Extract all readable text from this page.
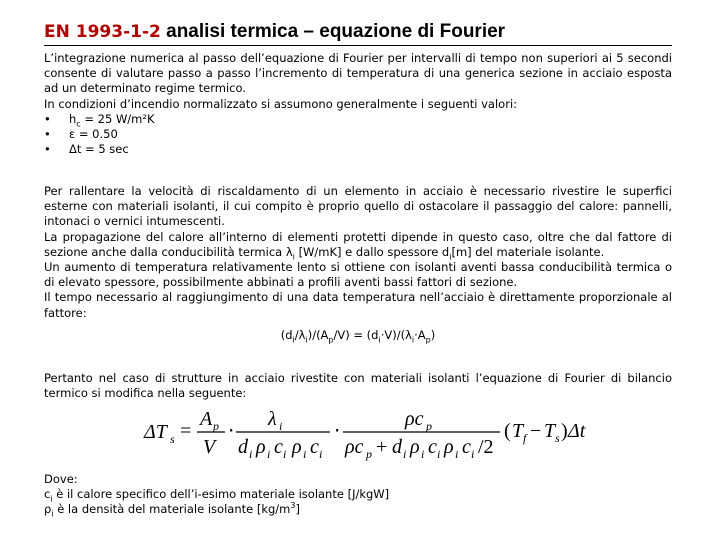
EN 1993-1-2 analisi termica – equazione di Fourier

L’integrazione numerica al passo dell’equazione di Fourier per intervalli di tempo non superiori ai 5 secondi consente di valutare passo a passo l’incremento di temperatura di una generica sezione in acciaio esposta ad un determinato regime termico.

In condizioni d’incendio normalizzato si assumono generalmente i seguenti valori:

• $h_c = 25$ W/m²K
• ε = 0.50
• Δt = 5 sec

Per rallentare la velocità di riscaldamento di un elemento in acciaio è necessario rivestire le superfici esterne con materiali isolanti, il cui compito è proprio quello di ostacolare il passaggio del calore: pannelli, intonaci o vernici intumescenti.

La propagazione del calore all’interno di elementi protetti dipende in questo caso, oltre che dal fattore di sezione anche dalla conducibilità termica $\lambda_i$ [W/mK] e dallo spessore $d_i[m]$ del materiale isolante.

Un aumento di temperatura relativamente lento si ottiene con isolanti aventi bassa conducibilità termica o di elevato spessore, possibilmente abbinati a profili aventi bassi fattori di sezione.

Il tempo necessario al raggiungimento di una data temperatura nell’acciaio è direttamente proporzionale al fattore:

$(d_i/\lambda_i)/(A_p/V) = (d_i\cdot V)/(\lambda_i\cdot A_p)$

Pertanto nel caso di strutture in acciaio rivestite con materiali isolanti l’equazione di Fourier di bilancio termico si modifica nella seguente:

ΔT s =
A p
V
⋅
λ i
d i ρ i c i ρ i c i
⋅
ρc p
ρc p + d i ρ i c i ρ i c i /2
( T f − T s ) Δt

Dove:

$c_i$ è il calore specifico dell’i-esimo materiale isolante [J/kgW]

$\rho_i$ è la densità del materiale isolante $[kg/m^3]$
